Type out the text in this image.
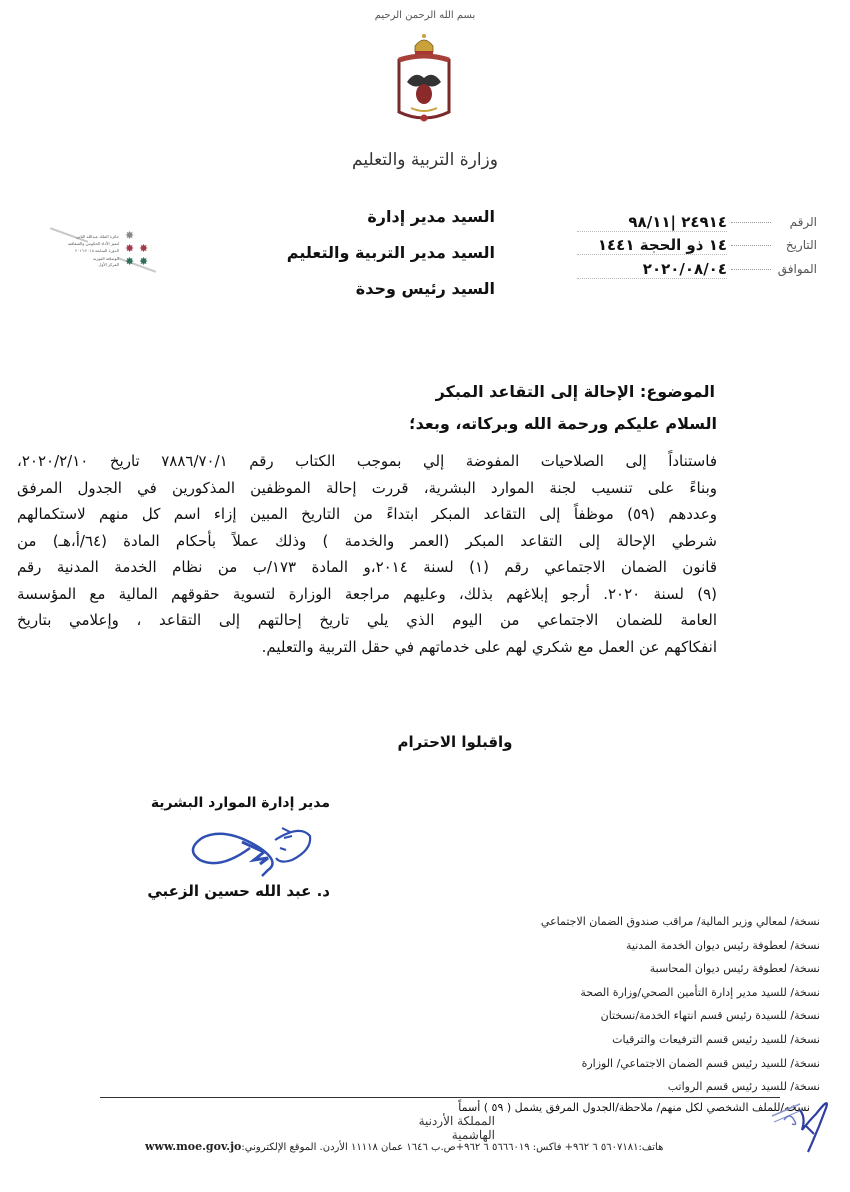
بسم الله الرحمن الرحيم
وزارة التربية والتعليم
جائزة الملك عبدالله الثاني
لتميز الأداء الحكومي والشفافية
الدورة السابعة ٢٠١٥-٢٠١٦
الوصافة الفوزية
المركز الأول
✸
✸ ✸
✸ ✸
الرقم
٢٤٩١٤ |٩٨/١١
التاريخ
١٤ ذو الحجة ١٤٤١
الموافق
٢٠٢٠/٠٨/٠٤
السيد مدير إدارة
السيد مدير التربية والتعليم
السيد رئيس وحدة
الموضوع: الإحالة إلى التقاعد المبكر
السلام عليكم ورحمة الله وبركاته، وبعد؛
فاستناداً إلى الصلاحيات المفوضة إلي بموجب الكتاب رقم ٧٨٨٦/٧٠/١ تاريخ ٢٠٢٠/٢/١٠،
وبناءً على تنسيب لجنة الموارد البشرية، قررت إحالة الموظفين المذكورين في الجدول المرفق
وعددهم (٥٩) موظفاً إلى التقاعد المبكر ابتداءً من التاريخ المبين إزاء اسم كل منهم لاستكمالهم
شرطي الإحالة إلى التقاعد المبكر (العمر والخدمة ) وذلك عملاً بأحكام المادة (٦٤/أ،هـ) من
قانون الضمان الاجتماعي رقم (١) لسنة ٢٠١٤،و المادة ١٧٣/ب من نظام الخدمة المدنية رقم
(٩) لسنة ٢٠٢٠. أرجو إبلاغهم بذلك، وعليهم مراجعة الوزارة لتسوية حقوقهم المالية مع المؤسسة
العامة للضمان الاجتماعي من اليوم الذي يلي تاريخ إحالتهم إلى التقاعد ، وإعلامي بتاريخ
انفكاكهم عن العمل مع شكري لهم على خدماتهم في حقل التربية والتعليم.
واقبلوا الاحترام
مدير إدارة الموارد البشرية
د. عبد الله حسين الزعبي
نسخة/ لمعالي وزير المالية/ مراقب صندوق الضمان الاجتماعي
نسخة/ لعطوفة رئيس ديوان الخدمة المدنية
نسخة/ لعطوفة رئيس ديوان المحاسبة
نسخة/ للسيد مدير إدارة التأمين الصحي/وزارة الصحة
نسخة/ للسيدة رئيس قسم انتهاء الخدمة/نسختان
نسخة/ للسيد رئيس قسم الترفيعات والترقيات
نسخة/ للسيد رئيس قسم الضمان الاجتماعي/ الوزارة
نسخة/ للسيد رئيس قسم الرواتب
نسخه/للملف الشخصي لكل منهم/ ملاحظة/الجدول المرفق يشمل ( ٥٩ ) أسماً
المملكة الأردنية الهاشمية
هاتف:٥٦٠٧١٨١ ٦ ٩٦٢+ فاكس: ٥٦٦٦٠١٩ ٦ ٩٦٢+ص.ب ١٦٤٦ عمان ١١١١٨ الأردن. الموقع الإلكتروني:www.moe.gov.jo
